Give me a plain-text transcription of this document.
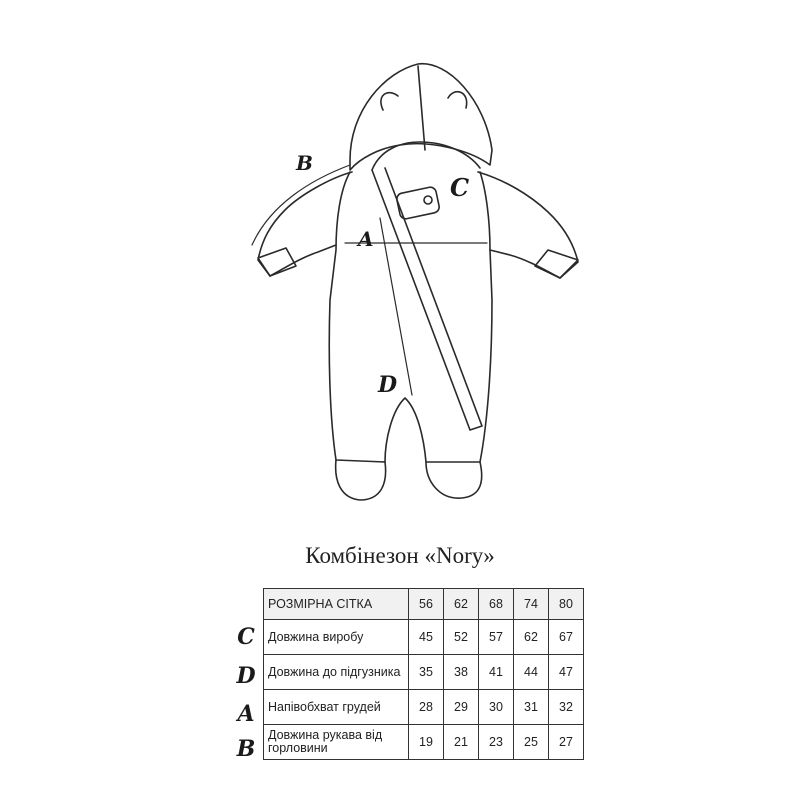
A
B
C
D
Комбінезон «Nory»
РОЗМІРНА СІТКА	56	62	68	74	80
Довжина виробу	45	52	57	62	67
Довжина до підгузника	35	38	41	44	47
Напівобхват грудей	28	29	30	31	32
Довжина рукава від горловини	19	21	23	25	27
C
D
A
B
